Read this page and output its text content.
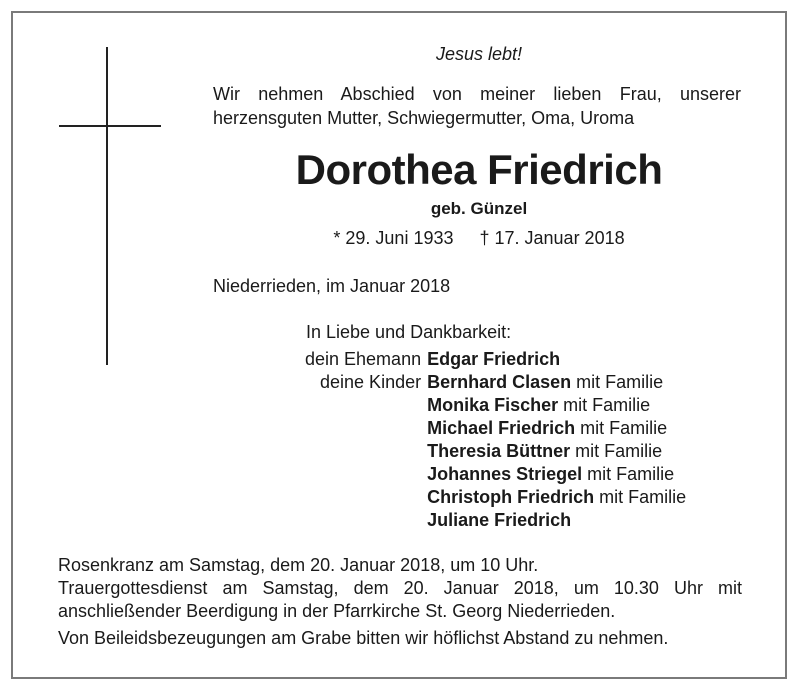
Jesus lebt!
Wir nehmen Abschied von meiner lieben Frau, unserer
herzensguten Mutter, Schwiegermutter, Oma, Uroma
Dorothea Friedrich
geb. Günzel
* 29. Juni 1933 † 17. Januar 2018
Niederrieden, im Januar 2018
In Liebe und Dankbarkeit:
dein Ehemann	Edgar Friedrich
deine Kinder	Bernhard Clasen mit Familie
	Monika Fischer mit Familie
	Michael Friedrich mit Familie
	Theresia Büttner mit Familie
	Johannes Striegel mit Familie
	Christoph Friedrich mit Familie
	Juliane Friedrich
Rosenkranz am Samstag, dem 20. Januar 2018, um 10 Uhr.
Trauergottesdienst am Samstag, dem 20. Januar 2018, um 10.30 Uhr mit
anschließender Beerdigung in der Pfarrkirche St. Georg Niederrieden.
Von Beileidsbezeugungen am Grabe bitten wir höflichst Abstand zu nehmen.
